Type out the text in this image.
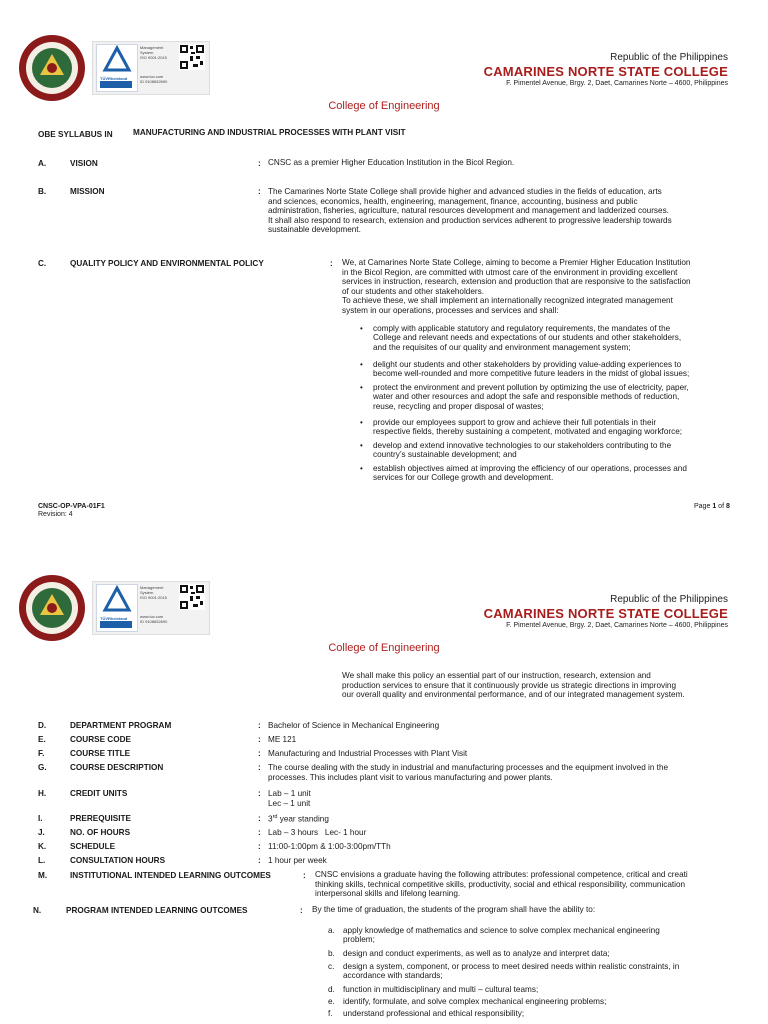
TÜVRheinland
Management
System
ISO 9001:2015
www.tuv.com
ID 9108652690
Republic of the Philippines
CAMARINES NORTE STATE COLLEGE
F. Pimentel Avenue, Brgy. 2, Daet, Camarines Norte – 4600, Philippines
College of Engineering
OBE SYLLABUS IN MANUFACTURING AND INDUSTRIAL PROCESSES WITH PLANT VISIT
A.	VISION	: CNSC as a premier Higher Education Institution in the Bicol Region.
B.	MISSION	: The Camarines Norte State College shall provide higher and advanced studies in the fields of education, arts
and sciences, economics, health, engineering, management, finance, accounting, business and public
administration, fisheries, agriculture, natural resources development and management and ladderized courses.
It shall also respond to research, extension and production services adherent to progressive leadership towards
sustainable development.
C.	QUALITY POLICY AND ENVIRONMENTAL POLICY	: We, at Camarines Norte State College, aiming to become a Premier Higher Education Institution
in the Bicol Region, are committed with utmost care of the environment in providing excellent
services in instruction, research, extension and production that are responsive to the satisfaction
of our students and other stakeholders.
To achieve these, we shall implement an internationally recognized integrated management
system in our operations, processes and services and shall:
•	comply with applicable statutory and regulatory requirements, the mandates of the
College and relevant needs and expectations of our students and other stakeholders,
and the requisites of our quality and environment management system;
•	delight our students and other stakeholders by providing value-adding experiences to
become well-rounded and more competitive future leaders in the midst of global issues;
•	protect the environment and prevent pollution by optimizing the use of electricity, paper,
water and other resources and adopt the safe and responsible methods of reduction,
reuse, recycling and proper disposal of wastes;
•	provide our employees support to grow and achieve their full potentials in their
respective fields, thereby sustaining a competent, motivated and engaging workforce;
•	develop and extend innovative technologies to our stakeholders contributing to the
country’s sustainable development; and
•	establish objectives aimed at improving the efficiency of our operations, processes and
services for our College growth and development.
CNSC-OP-VPA-01F1
Revision: 4
Page 1 of 8
TÜVRheinland
Management
System
ISO 9001:2015
www.tuv.com
ID 9108652690
Republic of the Philippines
CAMARINES NORTE STATE COLLEGE
F. Pimentel Avenue, Brgy. 2, Daet, Camarines Norte – 4600, Philippines
College of Engineering
We shall make this policy an essential part of our instruction, research, extension and
production services to ensure that it continuously provide us strategic directions in improving
our overall quality and environmental performance, and of our integrated management system.
D.	DEPARTMENT PROGRAM	: Bachelor of Science in Mechanical Engineering
E.	COURSE CODE	: ME 121
F.	COURSE TITLE	: Manufacturing and Industrial Processes with Plant Visit
G.	COURSE DESCRIPTION	: The course dealing with the study in industrial and manufacturing processes and the equipment involved in the
processes. This includes plant visit to various manufacturing and power plants.
H.	CREDIT UNITS	: Lab – 1 unit
Lec – 1 unit
I.	PREREQUISITE	: 3rd year standing
J.	NO. OF HOURS	: Lab – 3 hours   Lec- 1 hour
K.	SCHEDULE	: 11:00-1:00pm & 1:00-3:00pm/TTh
L.	CONSULTATION HOURS	: 1 hour per week
M.	INSTITUTIONAL INTENDED LEARNING OUTCOMES	: CNSC envisions a graduate having the following attributes: professional competence, critical and creati
thinking skills, technical competitive skills, productivity, social and ethical responsibility, communication
interpersonal skills and lifelong learning.
N.	PROGRAM INTENDED LEARNING OUTCOMES	: By the time of graduation, the students of the program shall have the ability to:
a. apply knowledge of mathematics and science to solve complex mechanical engineering
problem;
b. design and conduct experiments, as well as to analyze and interpret data;
c. design a system, component, or process to meet desired needs within realistic constraints, in
accordance with standards;
d. function in multidisciplinary and multi – cultural teams;
e. identify, formulate, and solve complex mechanical engineering problems;
f. understand professional and ethical responsibility;
